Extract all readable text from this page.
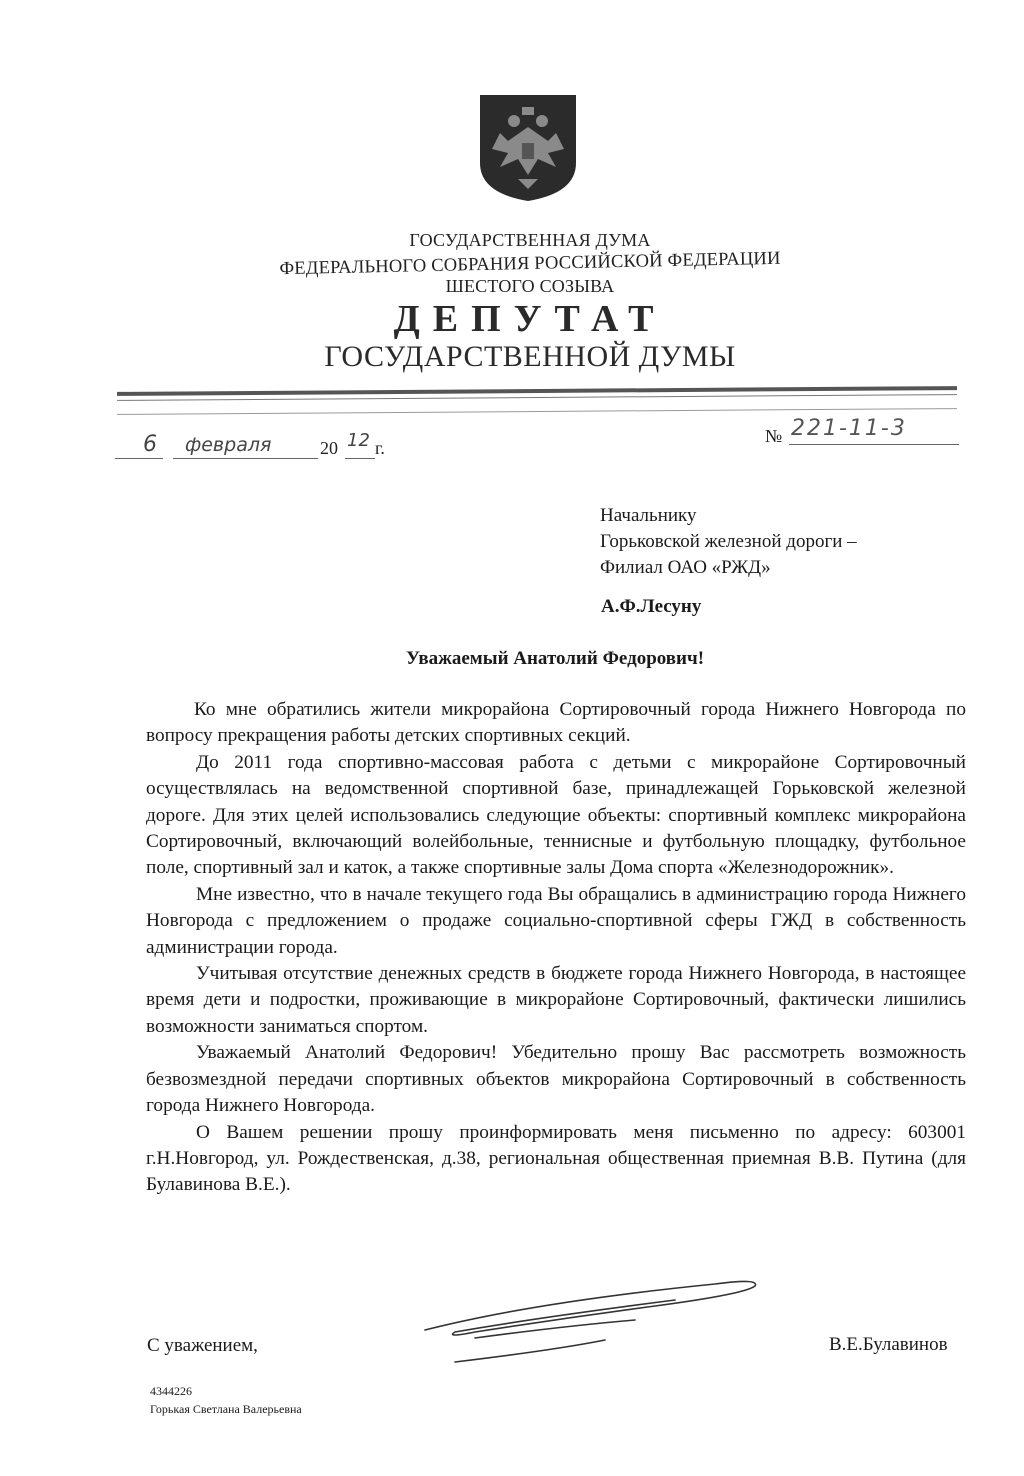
ГОСУДАРСТВЕННАЯ ДУМА
ФЕДЕРАЛЬНОГО СОБРАНИЯ РОССИЙСКОЙ ФЕДЕРАЦИИ
ШЕСТОГО СОЗЫВА
ДЕПУТАТ
ГОСУДАРСТВЕННОЙ ДУМЫ
6 февраля	20 12 г.
№ 221-11-3
Начальнику
Горьковской железной дороги –
Филиал ОАО «РЖД»
А.Ф.Лесуну
Уважаемый Анатолий Федорович!

Ко мне обратились жители микрорайона Сортировочный города Нижнего Новгорода по вопросу прекращения работы детских спортивных секций.

До 2011 года спортивно-массовая работа с детьми с микрорайоне Сортировочный осуществлялась на ведомственной спортивной базе, принадлежащей Горьковской железной дороге. Для этих целей использовались следующие объекты: спортивный комплекс микрорайона Сортировочный, включающий волейбольные, теннисные и футбольную площадку, футбольное поле, спортивный зал и каток, а также спортивные залы Дома спорта «Железнодорожник».

Мне известно, что в начале текущего года Вы обращались в администрацию города Нижнего Новгорода с предложением о продаже социально-спортивной сферы ГЖД в собственность администрации города.

Учитывая отсутствие денежных средств в бюджете города Нижнего Новгорода, в настоящее время дети и подростки, проживающие в микрорайоне Сортировочный, фактически лишились возможности заниматься спортом.

Уважаемый Анатолий Федорович! Убедительно прошу Вас рассмотреть возможность безвозмездной передачи спортивных объектов микрорайона Сортировочный в собственность города Нижнего Новгорода.

О Вашем решении прошу проинформировать меня письменно по адресу: 603001 г.Н.Новгород, ул. Рождественская, д.38, региональная общественная приемная В.В. Путина (для Булавинова В.Е.).

С уважением,	В.Е.Булавинов
4344226
Горькая Светлана Валерьевна
